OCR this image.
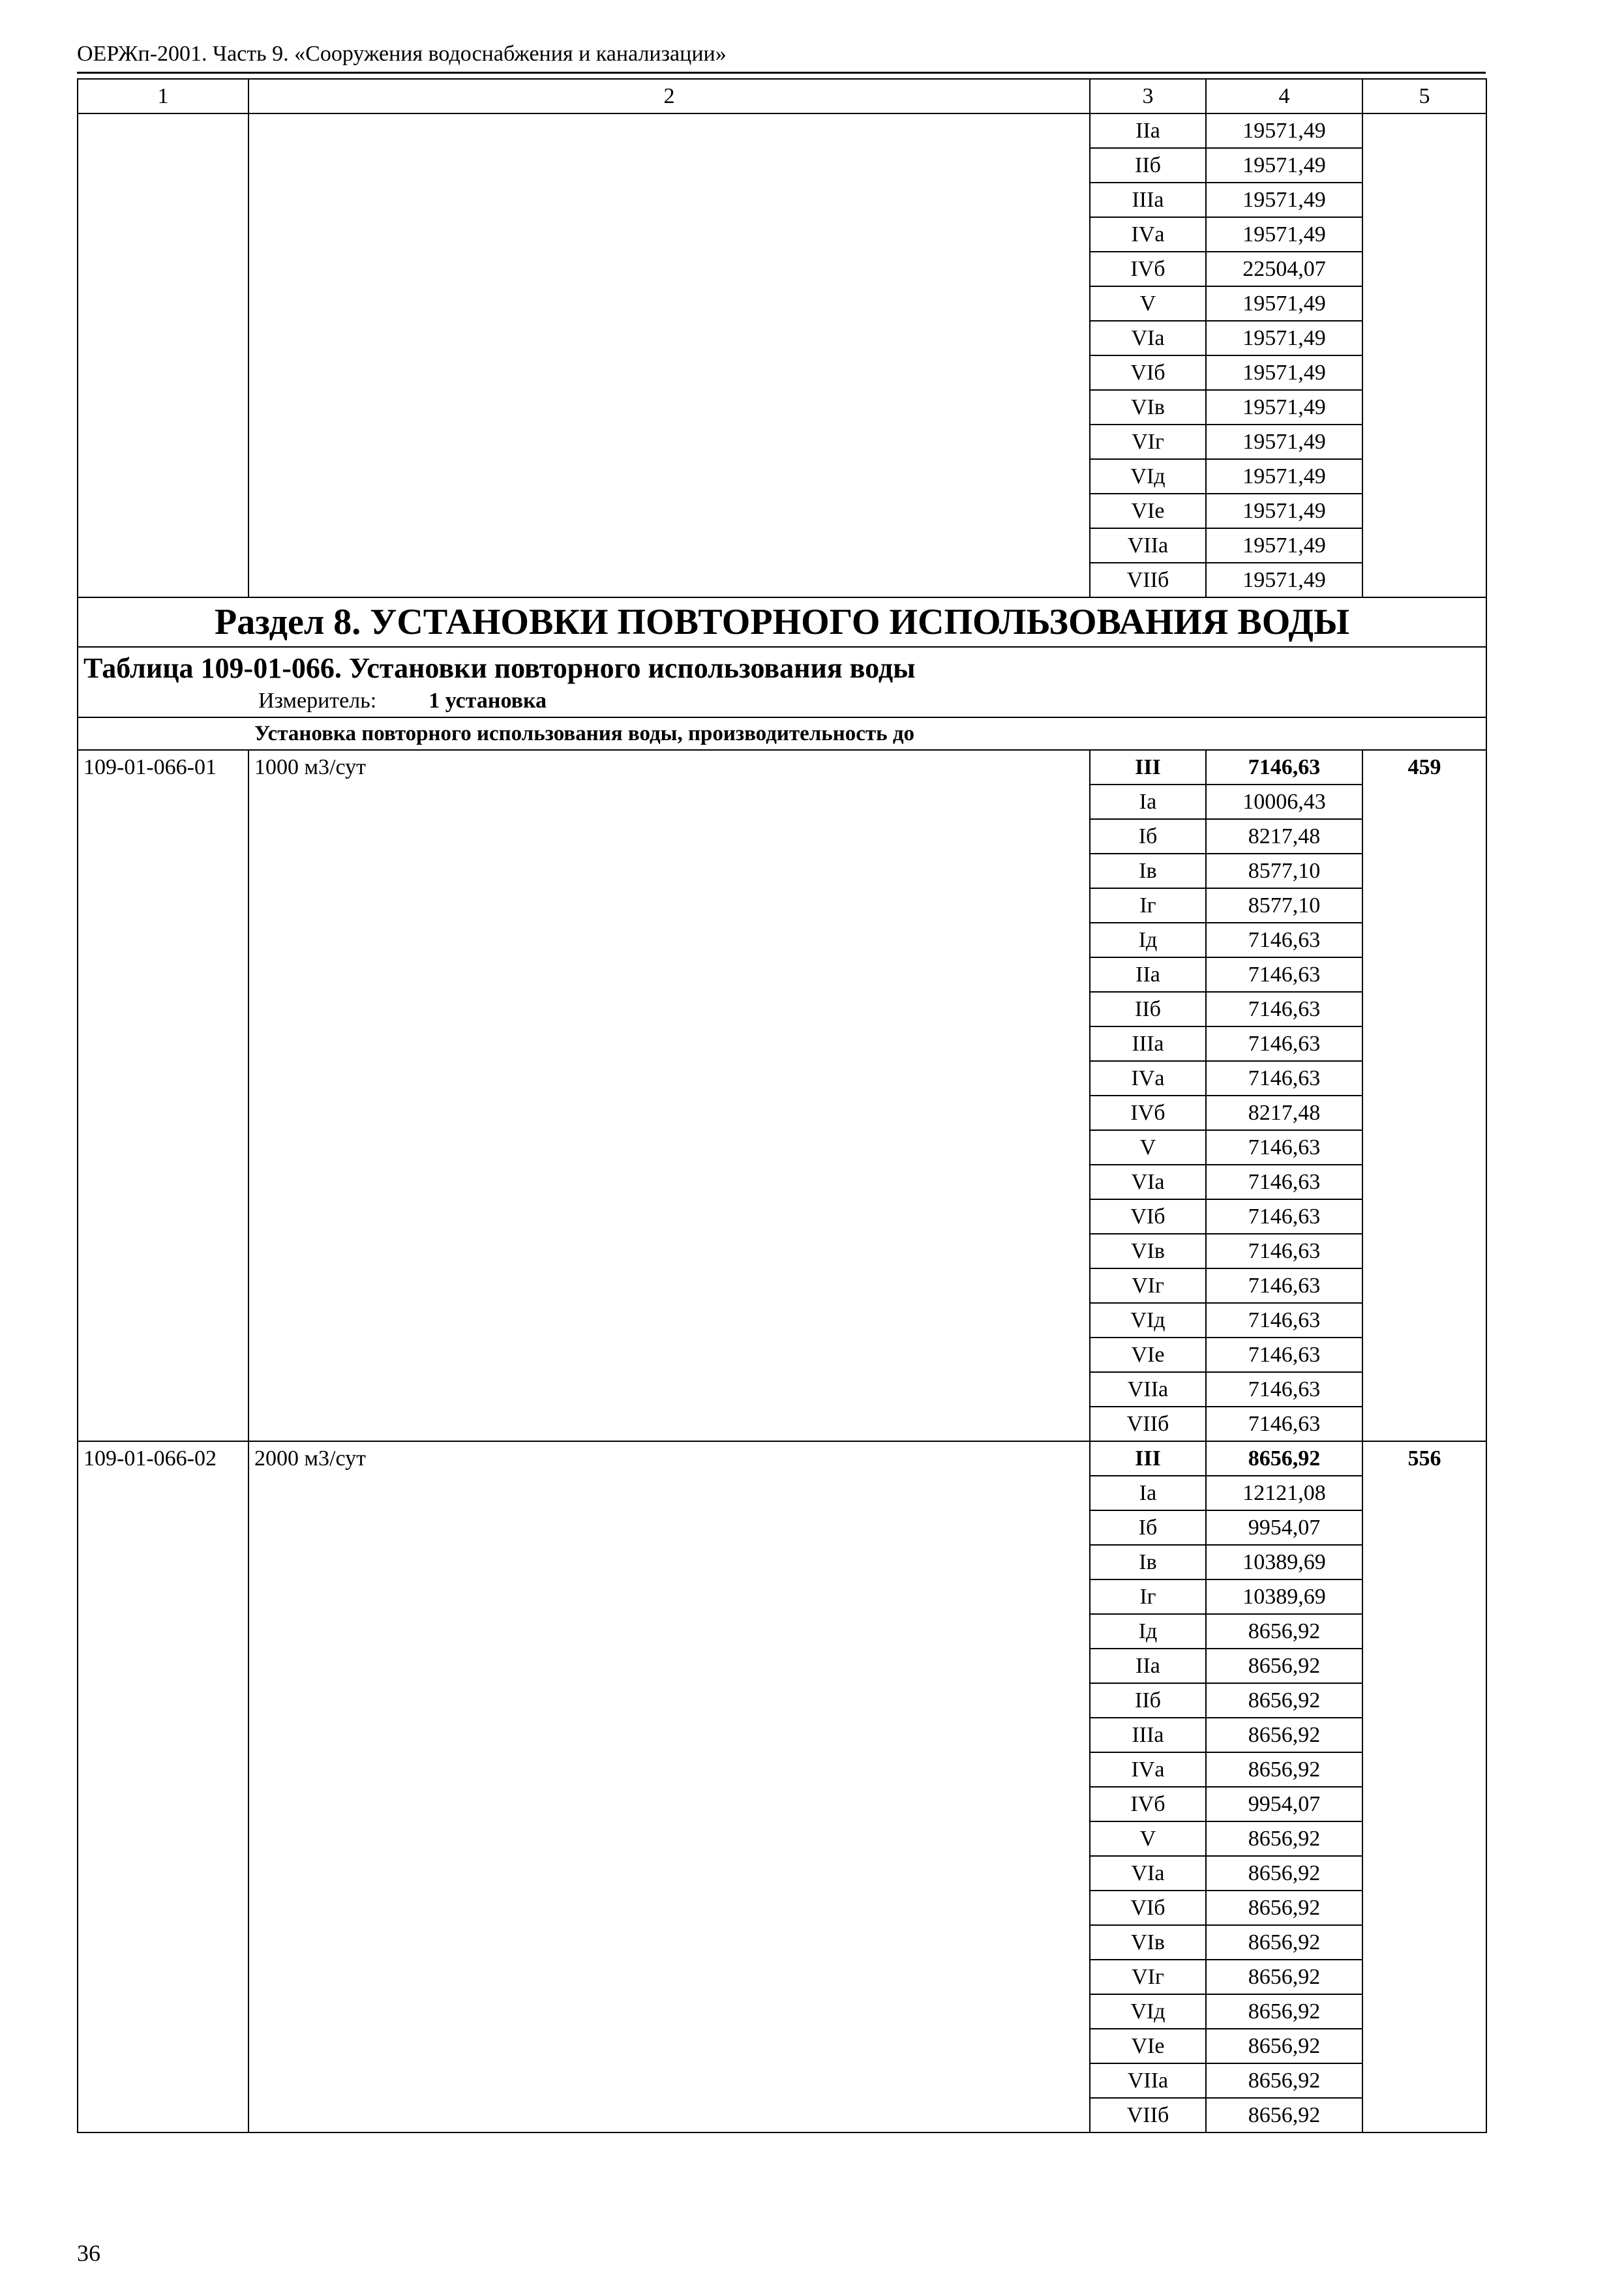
ОЕРЖп-2001. Часть 9. «Сооружения водоснабжения и канализации»
1	2	3	4	5
		IIа	19571,49	
		IIб	19571,49	
		IIIа	19571,49	
		IVа	19571,49	
		IVб	22504,07	
		V	19571,49	
		VIа	19571,49	
		VIб	19571,49	
		VIв	19571,49	
		VIг	19571,49	
		VIд	19571,49	
		VIе	19571,49	
		VIIа	19571,49	
		VIIб	19571,49	
Раздел 8. УСТАНОВКИ ПОВТОРНОГО ИСПОЛЬЗОВАНИЯ ВОДЫ				

Таблица 109-01-066. Установки повторного использования воды
Измеритель: 1 установка				

Установка повторного использования воды, производительность до				
109-01-066-01	1000 м3/сут	III	7146,63	459
		Iа	10006,43	
		Iб	8217,48	
		Iв	8577,10	
		Iг	8577,10	
		Iд	7146,63	
		IIа	7146,63	
		IIб	7146,63	
		IIIа	7146,63	
		IVа	7146,63	
		IVб	8217,48	
		V	7146,63	
		VIа	7146,63	
		VIб	7146,63	
		VIв	7146,63	
		VIг	7146,63	
		VIд	7146,63	
		VIе	7146,63	
		VIIа	7146,63	
		VIIб	7146,63	
109-01-066-02	2000 м3/сут	III	8656,92	556
		Iа	12121,08	
		Iб	9954,07	
		Iв	10389,69	
		Iг	10389,69	
		Iд	8656,92	
		IIа	8656,92	
		IIб	8656,92	
		IIIа	8656,92	
		IVа	8656,92	
		IVб	9954,07	
		V	8656,92	
		VIа	8656,92	
		VIб	8656,92	
		VIв	8656,92	
		VIг	8656,92	
		VIд	8656,92	
		VIе	8656,92	
		VIIа	8656,92	
		VIIб	8656,92	
36
